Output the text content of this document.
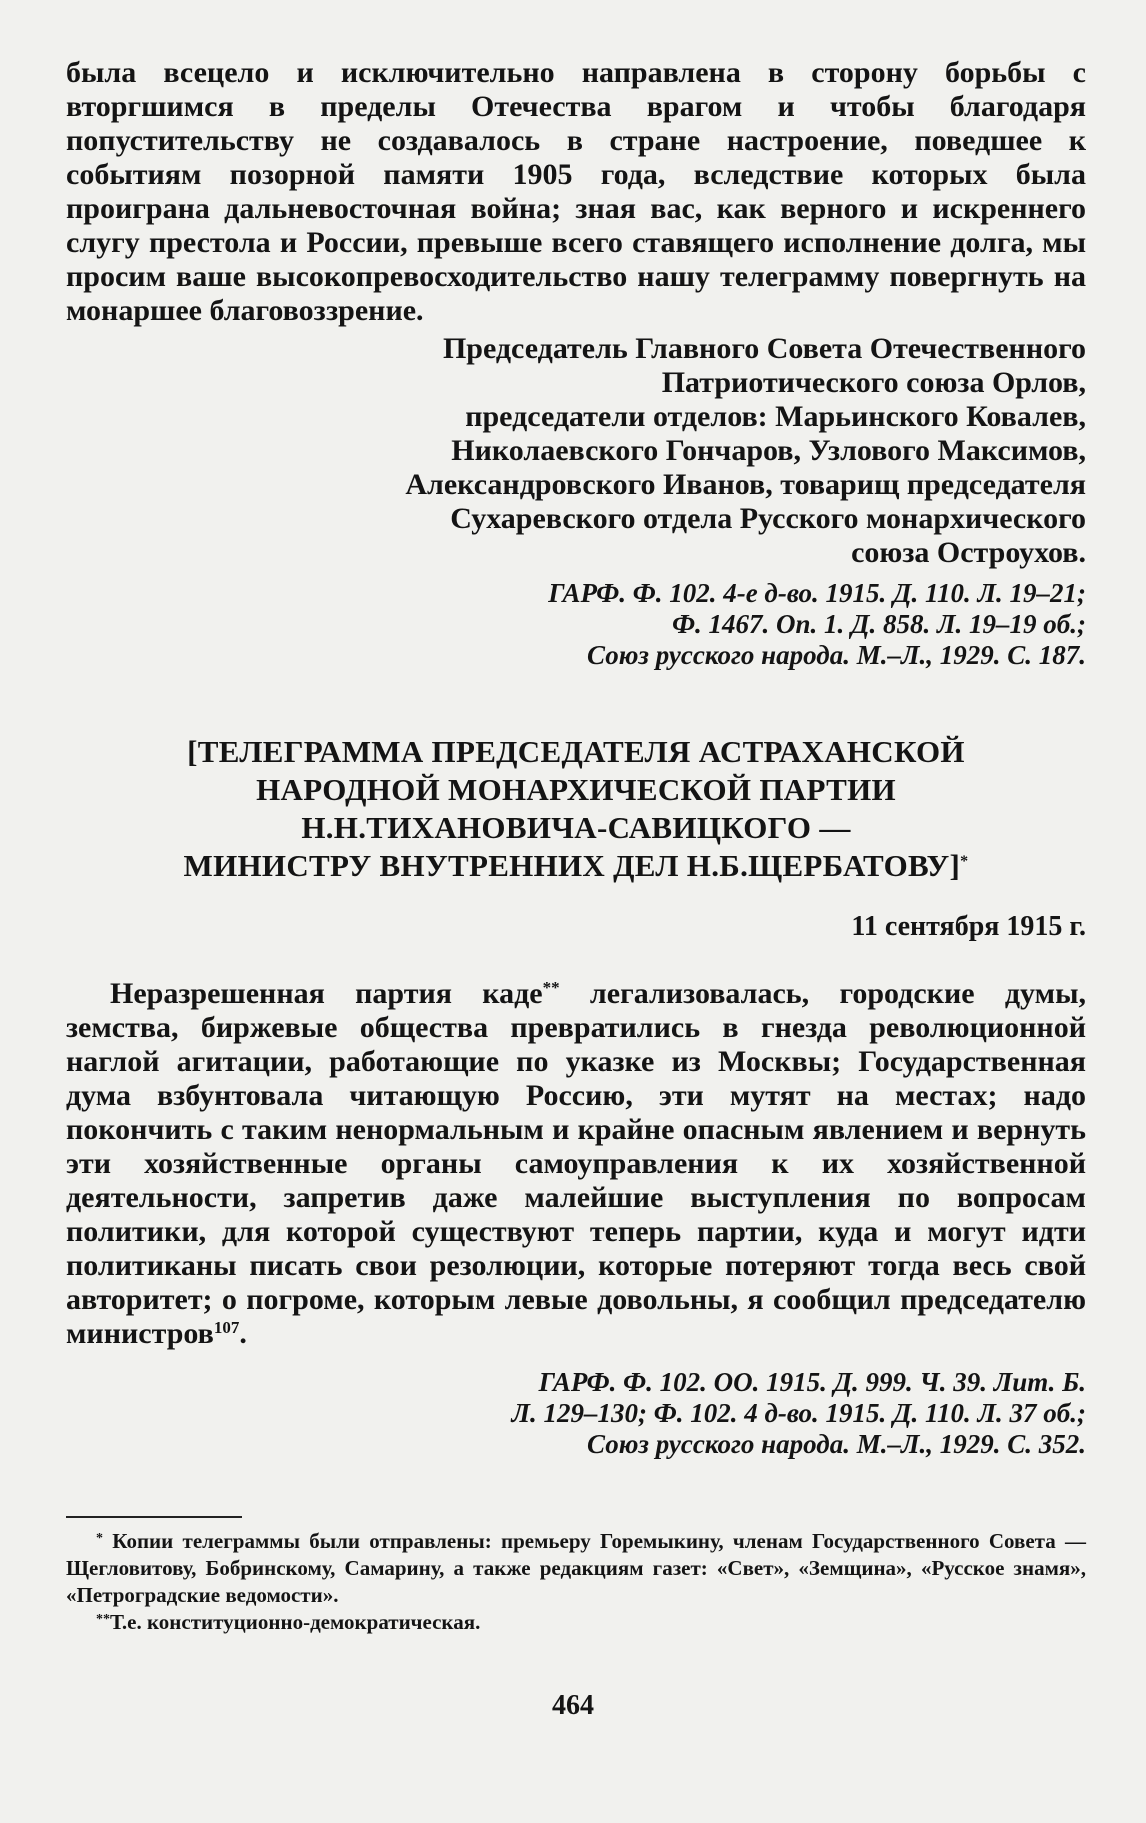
была всецело и исключительно направлена в сторону борьбы с вторгшимся в пределы Отечества врагом и чтобы благодаря попустительству не создавалось в стране настроение, поведшее к событиям позорной памяти 1905 года, вследствие которых была проиграна дальневосточная война; зная вас, как верного и искреннего слугу престола и России, превыше всего ставящего исполнение долга, мы просим ваше высокопревосходительство нашу телеграмму повергнуть на монаршее благовоззрение.

Председатель Главного Совета Отечественного
Патриотического союза Орлов,
председатели отделов: Марьинского Ковалев,
Николаевского Гончаров, Узлового Максимов,
Александровского Иванов, товарищ председателя
Сухаревского отдела Русского монархического
союза Остроухов.
ГАРФ. Ф. 102. 4-е д-во. 1915. Д. 110. Л. 19–21;
Ф. 1467. Оп. 1. Д. 858. Л. 19–19 об.;
Союз русского народа. М.–Л., 1929. С. 187.
[ТЕЛЕГРАММА ПРЕДСЕДАТЕЛЯ АСТРАХАНСКОЙ
НАРОДНОЙ МОНАРХИЧЕСКОЙ ПАРТИИ
Н.Н.ТИХАНОВИЧА-САВИЦКОГО —
МИНИСТРУ ВНУТРЕННИХ ДЕЛ Н.Б.ЩЕРБАТОВУ]*
11 сентября 1915 г.

Неразрешенная партия каде** легализовалась, городские думы, земства, биржевые общества превратились в гнезда революционной наглой агитации, работающие по указке из Москвы; Государственная дума взбунтовала читающую Россию, эти мутят на местах; надо покончить с таким ненормальным и крайне опасным явлением и вернуть эти хозяйственные органы самоуправления к их хозяйственной деятельности, запретив даже малейшие выступления по вопросам политики, для которой существуют теперь партии, куда и могут идти политиканы писать свои резолюции, которые потеряют тогда весь свой авторитет; о погроме, которым левые довольны, я сообщил председателю министров$^{107}$.

ГАРФ. Ф. 102. ОО. 1915. Д. 999. Ч. 39. Лит. Б.
Л. 129–130; Ф. 102. 4 д-во. 1915. Д. 110. Л. 37 об.;
Союз русского народа. М.–Л., 1929. С. 352.

* Копии телеграммы были отправлены: премьеру Горемыкину, членам Государственного Совета — Щегловитову, Бобринскому, Самарину, а также редакциям газет: «Свет», «Земщина», «Русское знамя», «Петроградские ведомости».

**Т.е. конституционно-демократическая.

464
